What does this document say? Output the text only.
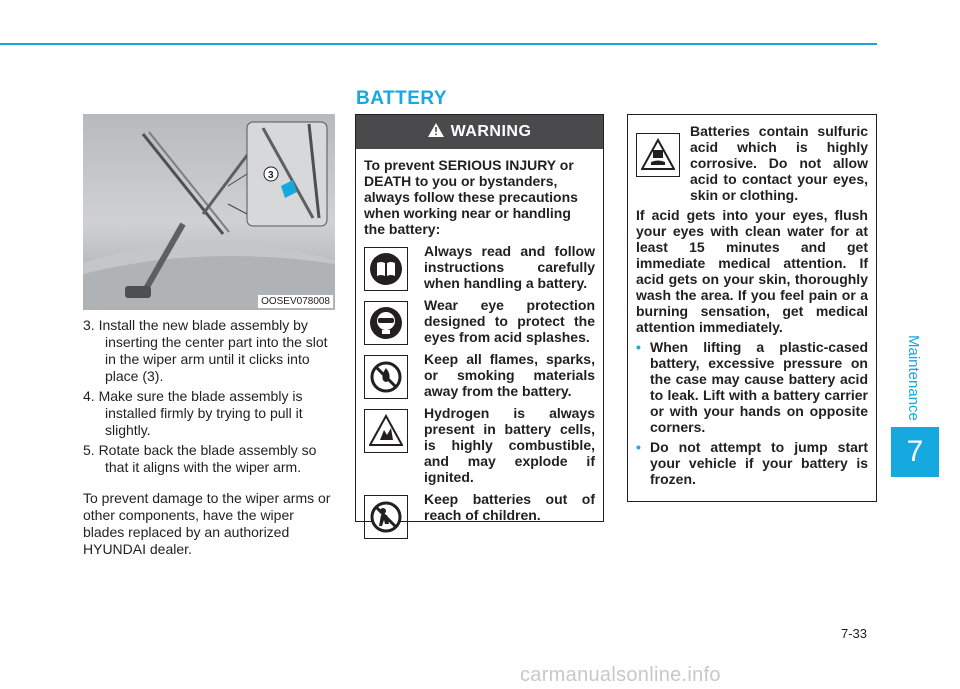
BATTERY
Maintenance
7
3
OOSEV078008
3. Install the new blade assembly by inserting the center part into the slot in the wiper arm until it clicks into place (3).
4. Make sure the blade assembly is installed firmly by trying to pull it slightly.
5. Rotate back the blade assembly so that it aligns with the wiper arm.
To prevent damage to the wiper arms or other components, have the wiper blades replaced by an authorized HYUNDAI dealer.
WARNING
To prevent SERIOUS INJURY or DEATH to you or bystanders, always follow these precautions when working near or handling the battery:
Always read and follow instructions carefully when handling a battery.
Wear eye protection designed to protect the eyes from acid splashes.
Keep all flames, sparks, or smoking materials away from the battery.
Hydrogen is always present in battery cells, is highly combustible, and may explode if ignited.
Keep batteries out of reach of children.
Batteries contain sulfuric acid which is highly corrosive. Do not allow acid to contact your eyes, skin or clothing.
If acid gets into your eyes, flush your eyes with clean water for at least 15 minutes and get immediate medical attention. If acid gets on your skin, thoroughly wash the area. If you feel pain or a burning sensation, get medical attention immediately.
• When lifting a plastic-cased battery, excessive pressure on the case may cause battery acid to leak. Lift with a battery carrier or with your hands on opposite corners.
• Do not attempt to jump start your vehicle if your battery is frozen.
7-33
carmanualsonline.info
